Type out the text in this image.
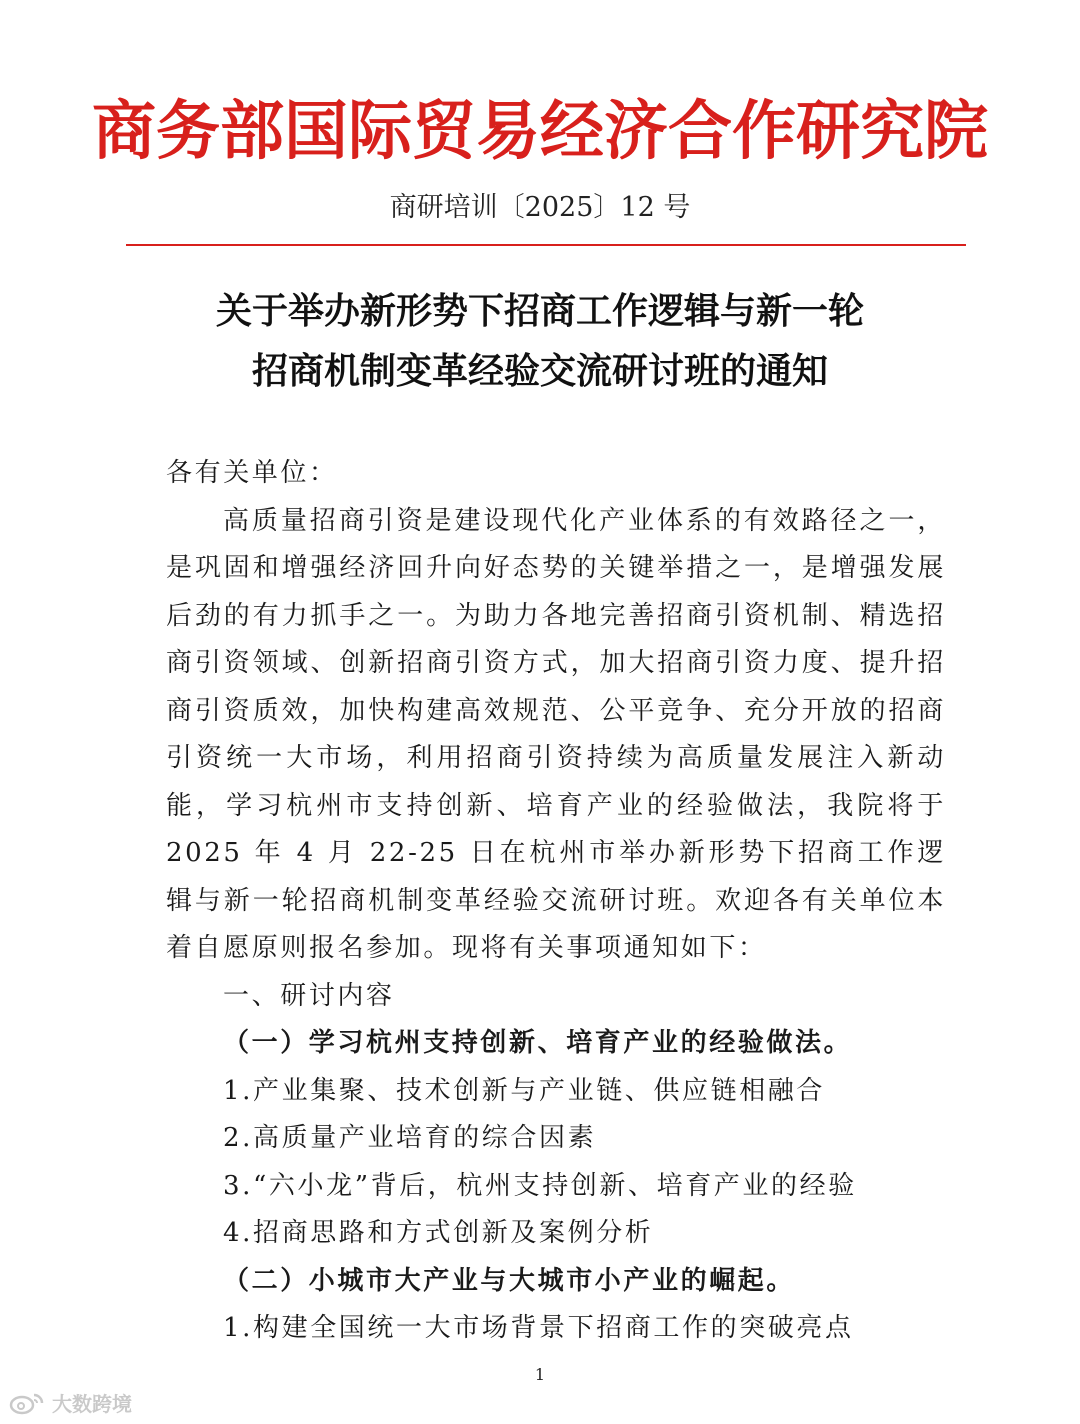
商务部国际贸易经济合作研究院
商研培训〔2025〕12 号
关于举办新形势下招商工作逻辑与新一轮
招商机制变革经验交流研讨班的通知

各有关单位：

高质量招商引资是建设现代化产业体系的有效路径之一，是巩固和增强经济回升向好态势的关键举措之一，是增强发展后劲的有力抓手之一。为助力各地完善招商引资机制、精选招商引资领域、创新招商引资方式，加大招商引资力度、提升招商引资质效，加快构建高效规范、公平竞争、充分开放的招商引资统一大市场，利用招商引资持续为高质量发展注入新动能，学习杭州市支持创新、培育产业的经验做法，我院将于 2025 年 4 月 22-25 日在杭州市举办新形势下招商工作逻辑与新一轮招商机制变革经验交流研讨班。欢迎各有关单位本着自愿原则报名参加。现将有关事项通知如下：

一、研讨内容

（一）学习杭州支持创新、培育产业的经验做法。

1.产业集聚、技术创新与产业链、供应链相融合

2.高质量产业培育的综合因素

3.“六小龙”背后，杭州支持创新、培育产业的经验

4.招商思路和方式创新及案例分析

（二）小城市大产业与大城市小产业的崛起。

1.构建全国统一大市场背景下招商工作的突破亮点

1
大数跨境
